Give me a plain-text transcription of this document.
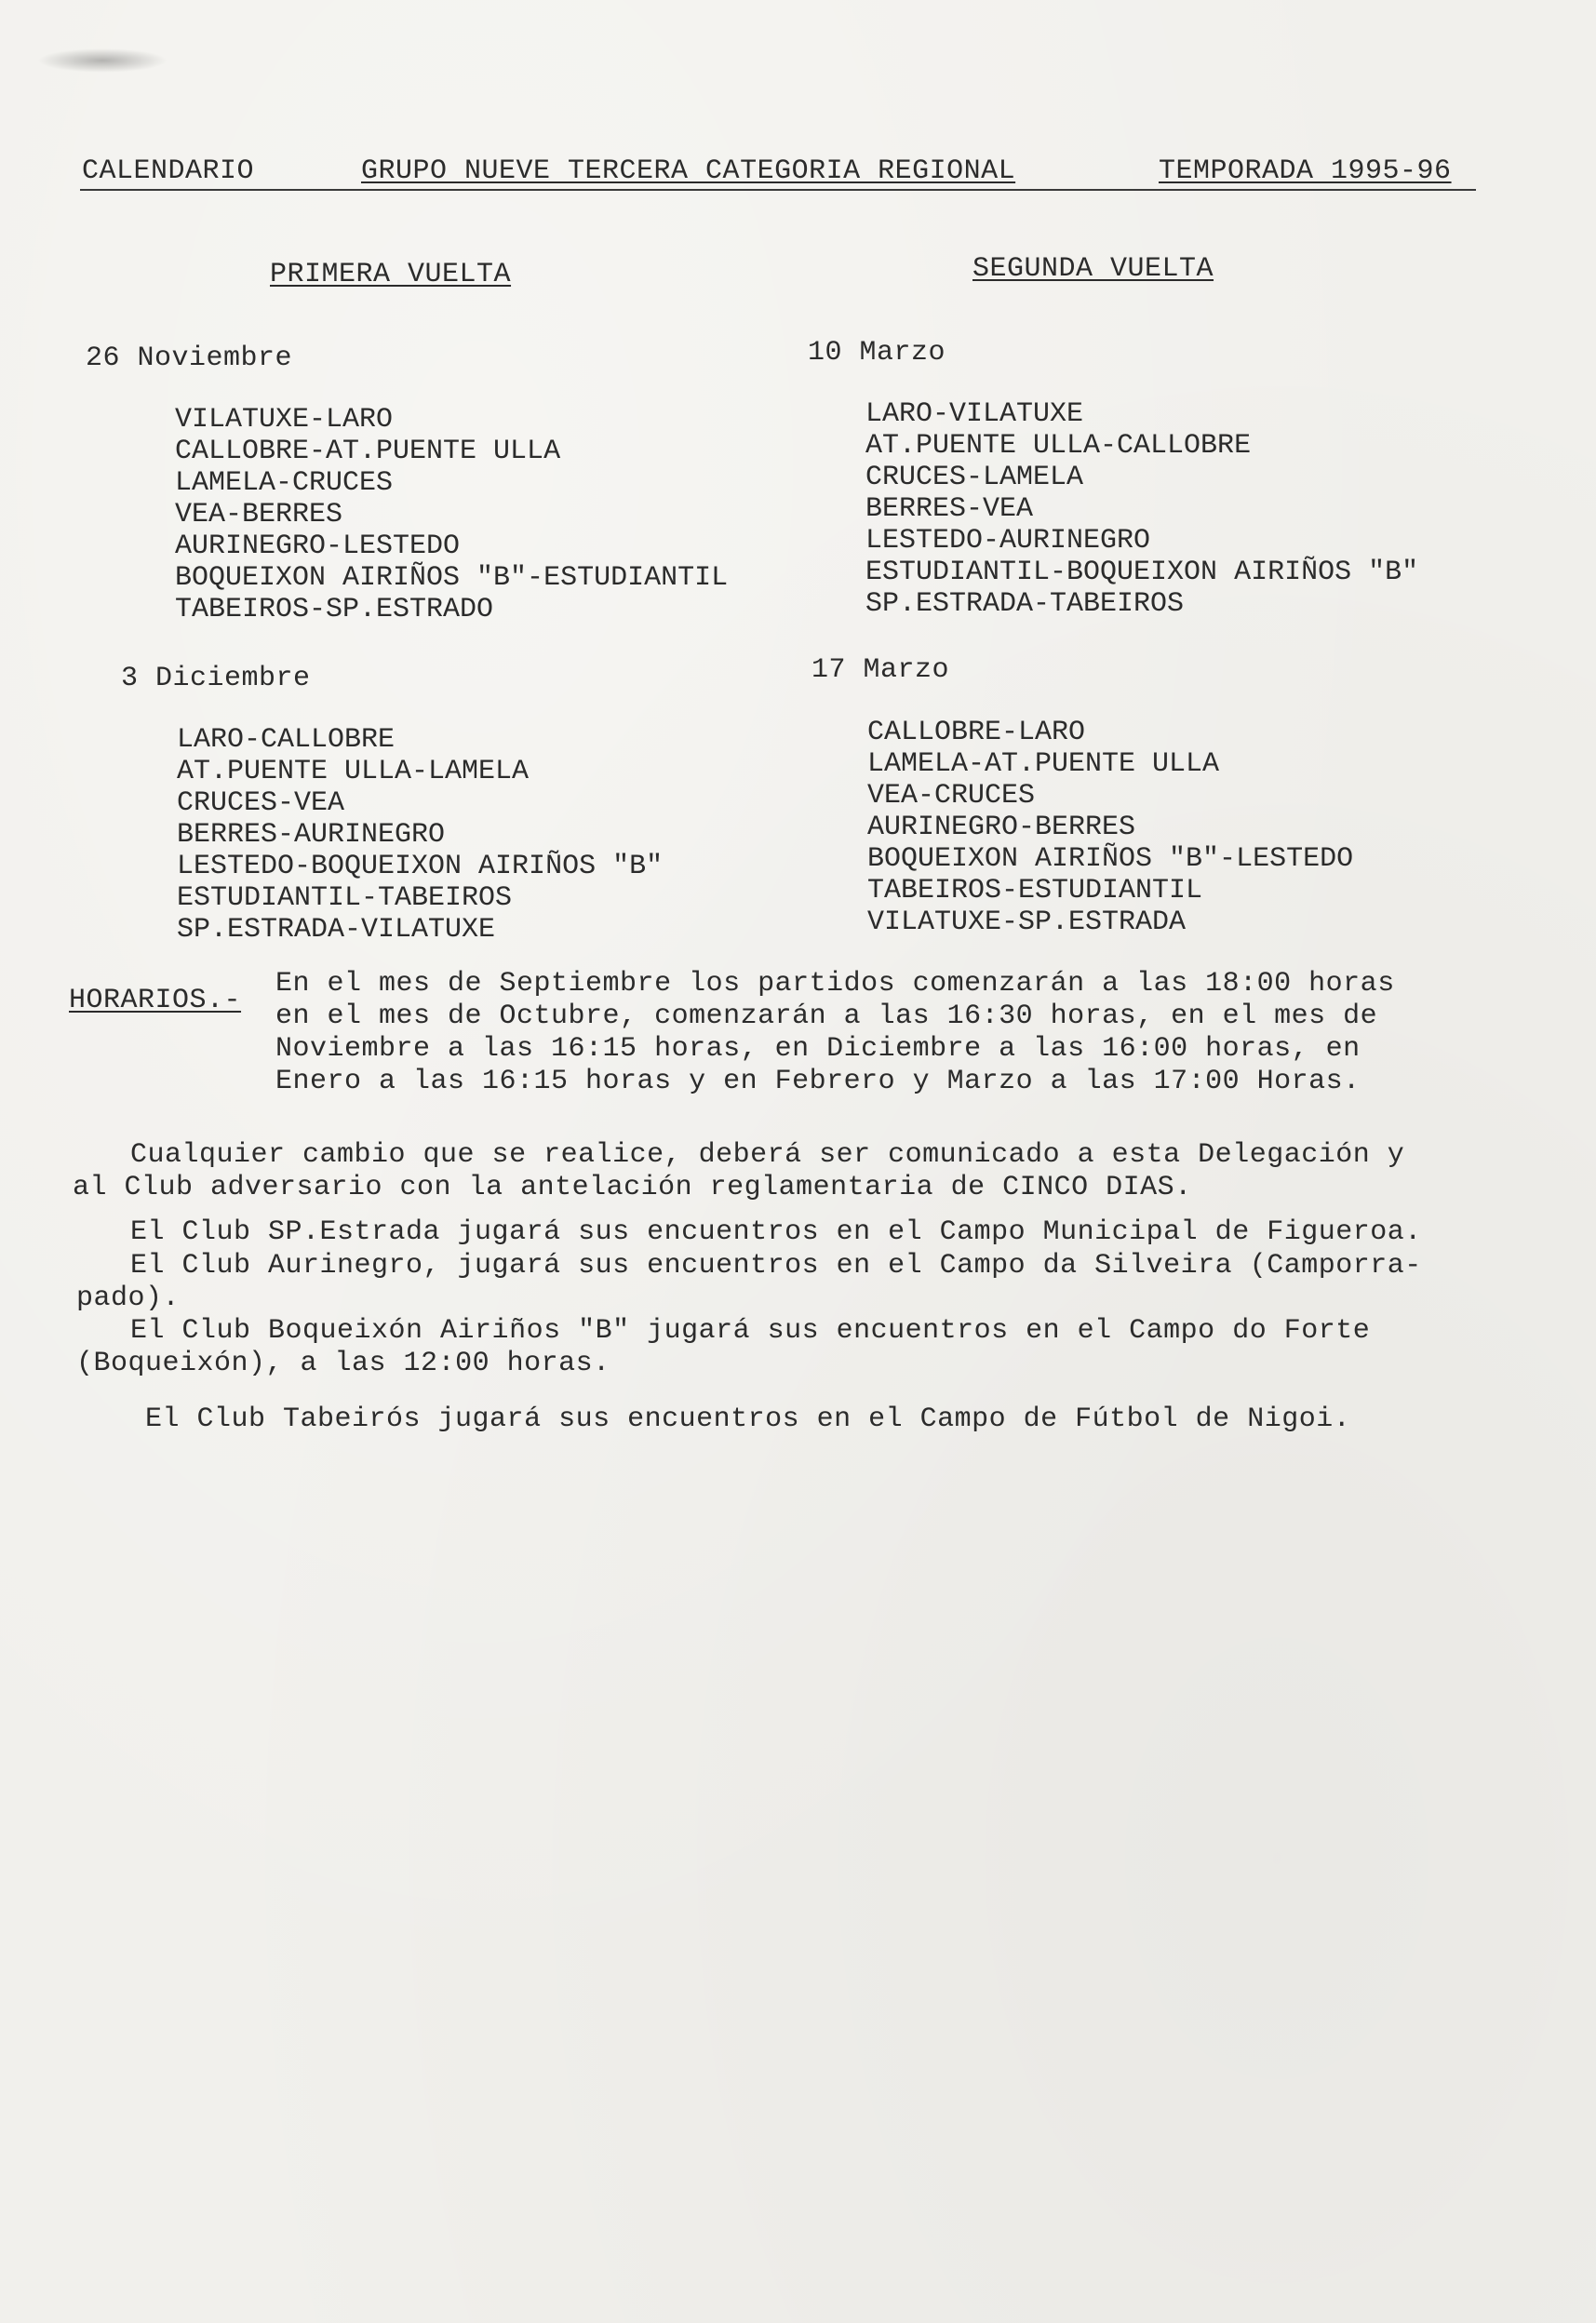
CALENDARIO	GRUPO NUEVE TERCERA CATEGORIA REGIONAL	TEMPORADA 1995-96
PRIMERA VUELTA
26 Noviembre
VILATUXE-LARO
CALLOBRE-AT.PUENTE ULLA
LAMELA-CRUCES
VEA-BERRES
AURINEGRO-LESTEDO
BOQUEIXON AIRIÑOS "B"-ESTUDIANTIL
TABEIROS-SP.ESTRADO
3 Diciembre
LARO-CALLOBRE
AT.PUENTE ULLA-LAMELA
CRUCES-VEA
BERRES-AURINEGRO
LESTEDO-BOQUEIXON AIRIÑOS "B"
ESTUDIANTIL-TABEIROS
SP.ESTRADA-VILATUXE
SEGUNDA VUELTA
10 Marzo
LARO-VILATUXE
AT.PUENTE ULLA-CALLOBRE
CRUCES-LAMELA
BERRES-VEA
LESTEDO-AURINEGRO
ESTUDIANTIL-BOQUEIXON AIRIÑOS "B"
SP.ESTRADA-TABEIROS
17 Marzo
CALLOBRE-LARO
LAMELA-AT.PUENTE ULLA
VEA-CRUCES
AURINEGRO-BERRES
BOQUEIXON AIRIÑOS "B"-LESTEDO
TABEIROS-ESTUDIANTIL
VILATUXE-SP.ESTRADA
HORARIOS.-
En el mes de Septiembre los partidos comenzarán a las 18:00 horas
en el mes de Octubre, comenzarán a las 16:30 horas, en el mes de
Noviembre a las 16:15 horas, en Diciembre a las 16:00 horas, en
Enero a las 16:15 horas y en Febrero y Marzo a las 17:00 Horas.
Cualquier cambio que se realice, deberá ser comunicado a esta Delegación y
al Club adversario con la antelación reglamentaria de CINCO DIAS.
El Club SP.Estrada jugará sus encuentros en el Campo Municipal de Figueroa.
El Club Aurinegro, jugará sus encuentros en el Campo da Silveira (Camporra-
pado).
El Club Boqueixón Airiños "B" jugará sus encuentros en el Campo do Forte
(Boqueixón), a las 12:00 horas.
El Club Tabeirós jugará sus encuentros en el Campo de Fútbol de Nigoi.
